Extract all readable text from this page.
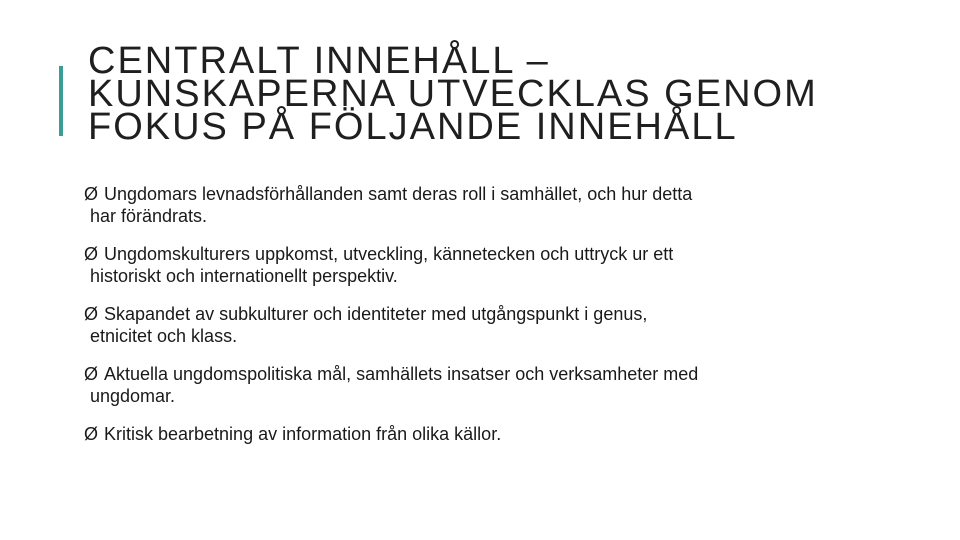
CENTRALT INNEHÅLL –
KUNSKAPERNA UTVECKLAS GENOM
FOKUS PÅ FÖLJANDE INNEHÅLL
Ø Ungdomars levnadsförhållanden samt deras roll i samhället, och hur detta
har förändrats.
Ø Ungdomskulturers uppkomst, utveckling, kännetecken och uttryck ur ett
historiskt och internationellt perspektiv.
Ø Skapandet av subkulturer och identiteter med utgångspunkt i genus,
etnicitet och klass.
Ø Aktuella ungdomspolitiska mål, samhällets insatser och verksamheter med
ungdomar.
Ø Kritisk bearbetning av information från olika källor.
